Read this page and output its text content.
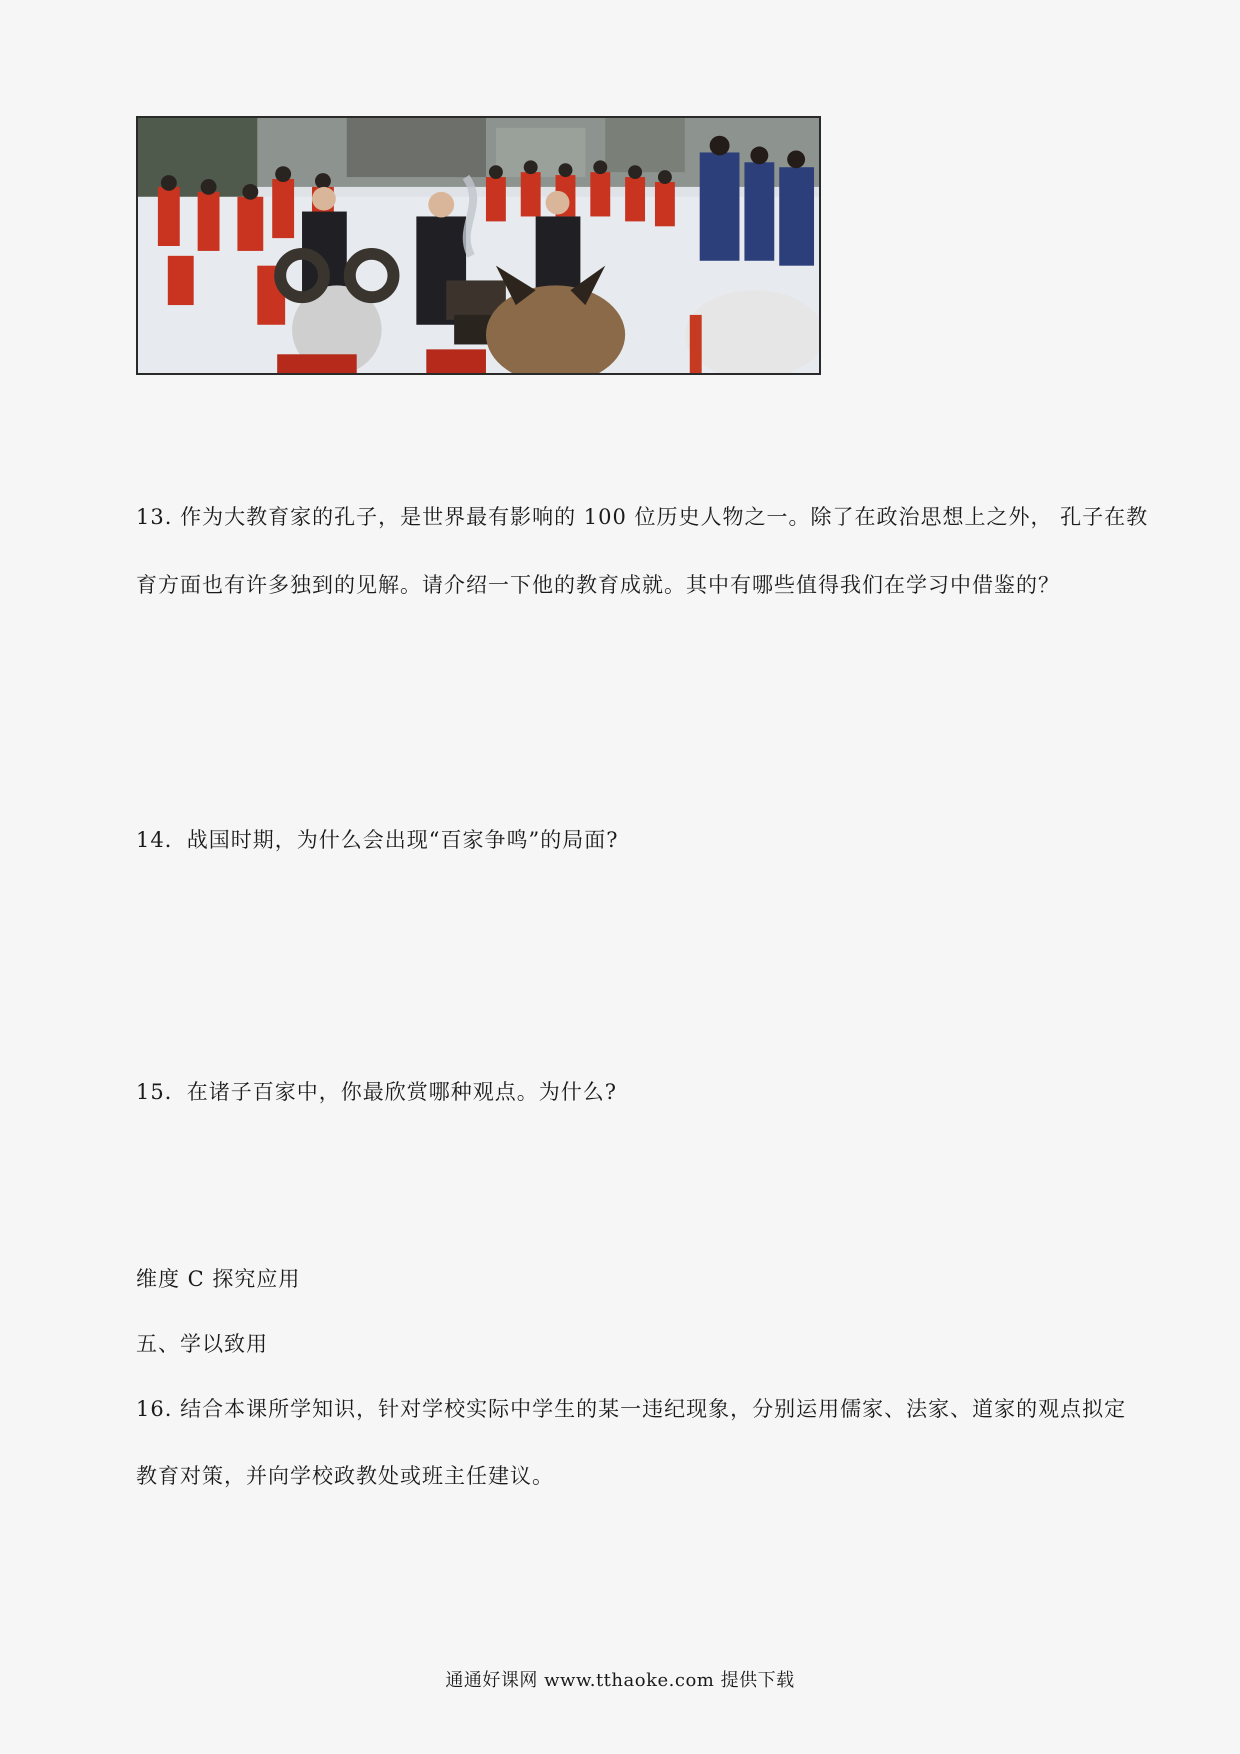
13. 作为大教育家的孔子，是世界最有影响的 100 位历史人物之一。除了在政治思想上之外， 孔子在教
育方面也有许多独到的见解。请介绍一下他的教育成就。其中有哪些值得我们在学习中借鉴的？
14．战国时期，为什么会出现“百家争鸣”的局面?
15．在诸子百家中，你最欣赏哪种观点。为什么?
维度 C 探究应用
五、学以致用
16. 结合本课所学知识，针对学校实际中学生的某一违纪现象，分别运用儒家、法家、道家的观点拟定
教育对策，并向学校政教处或班主任建议。
通通好课网 www.tthaoke.com 提供下载
